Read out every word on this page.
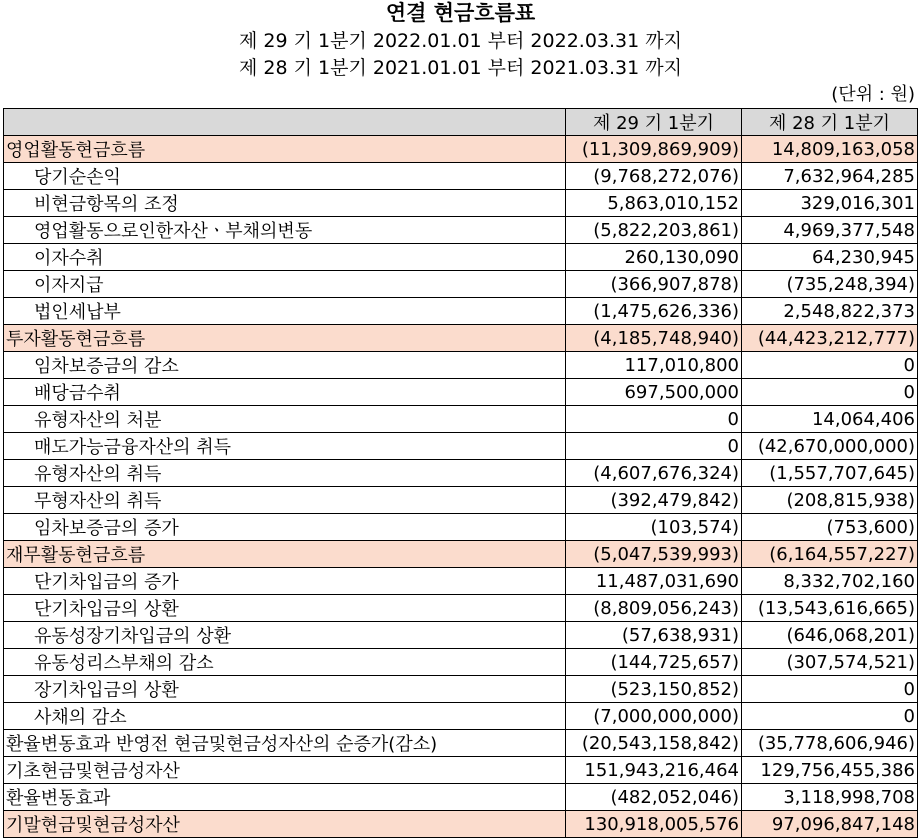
연결 현금흐름표
제 29 기 1분기 2022.01.01 부터 2022.03.31 까지
제 28 기 1분기 2021.01.01 부터 2021.03.31 까지
(단위 : 원)
	제 29 기 1분기	제 28 기 1분기
영업활동현금흐름	(11,309,869,909)	14,809,163,058
당기순손익	(9,768,272,076)	7,632,964,285
비현금항목의 조정	5,863,010,152	329,016,301
영업활동으로인한자산ㆍ부채의변동	(5,822,203,861)	4,969,377,548
이자수취	260,130,090	64,230,945
이자지급	(366,907,878)	(735,248,394)
법인세납부	(1,475,626,336)	2,548,822,373
투자활동현금흐름	(4,185,748,940)	(44,423,212,777)
임차보증금의 감소	117,010,800	0
배당금수취	697,500,000	0
유형자산의 처분	0	14,064,406
매도가능금융자산의 취득	0	(42,670,000,000)
유형자산의 취득	(4,607,676,324)	(1,557,707,645)
무형자산의 취득	(392,479,842)	(208,815,938)
임차보증금의 증가	(103,574)	(753,600)
재무활동현금흐름	(5,047,539,993)	(6,164,557,227)
단기차입금의 증가	11,487,031,690	8,332,702,160
단기차입금의 상환	(8,809,056,243)	(13,543,616,665)
유동성장기차입금의 상환	(57,638,931)	(646,068,201)
유동성리스부채의 감소	(144,725,657)	(307,574,521)
장기차입금의 상환	(523,150,852)	0
사채의 감소	(7,000,000,000)	0
환율변동효과 반영전 현금및현금성자산의 순증가(감소)	(20,543,158,842)	(35,778,606,946)
기초현금및현금성자산	151,943,216,464	129,756,455,386
환율변동효과	(482,052,046)	3,118,998,708
기말현금및현금성자산	130,918,005,576	97,096,847,148
